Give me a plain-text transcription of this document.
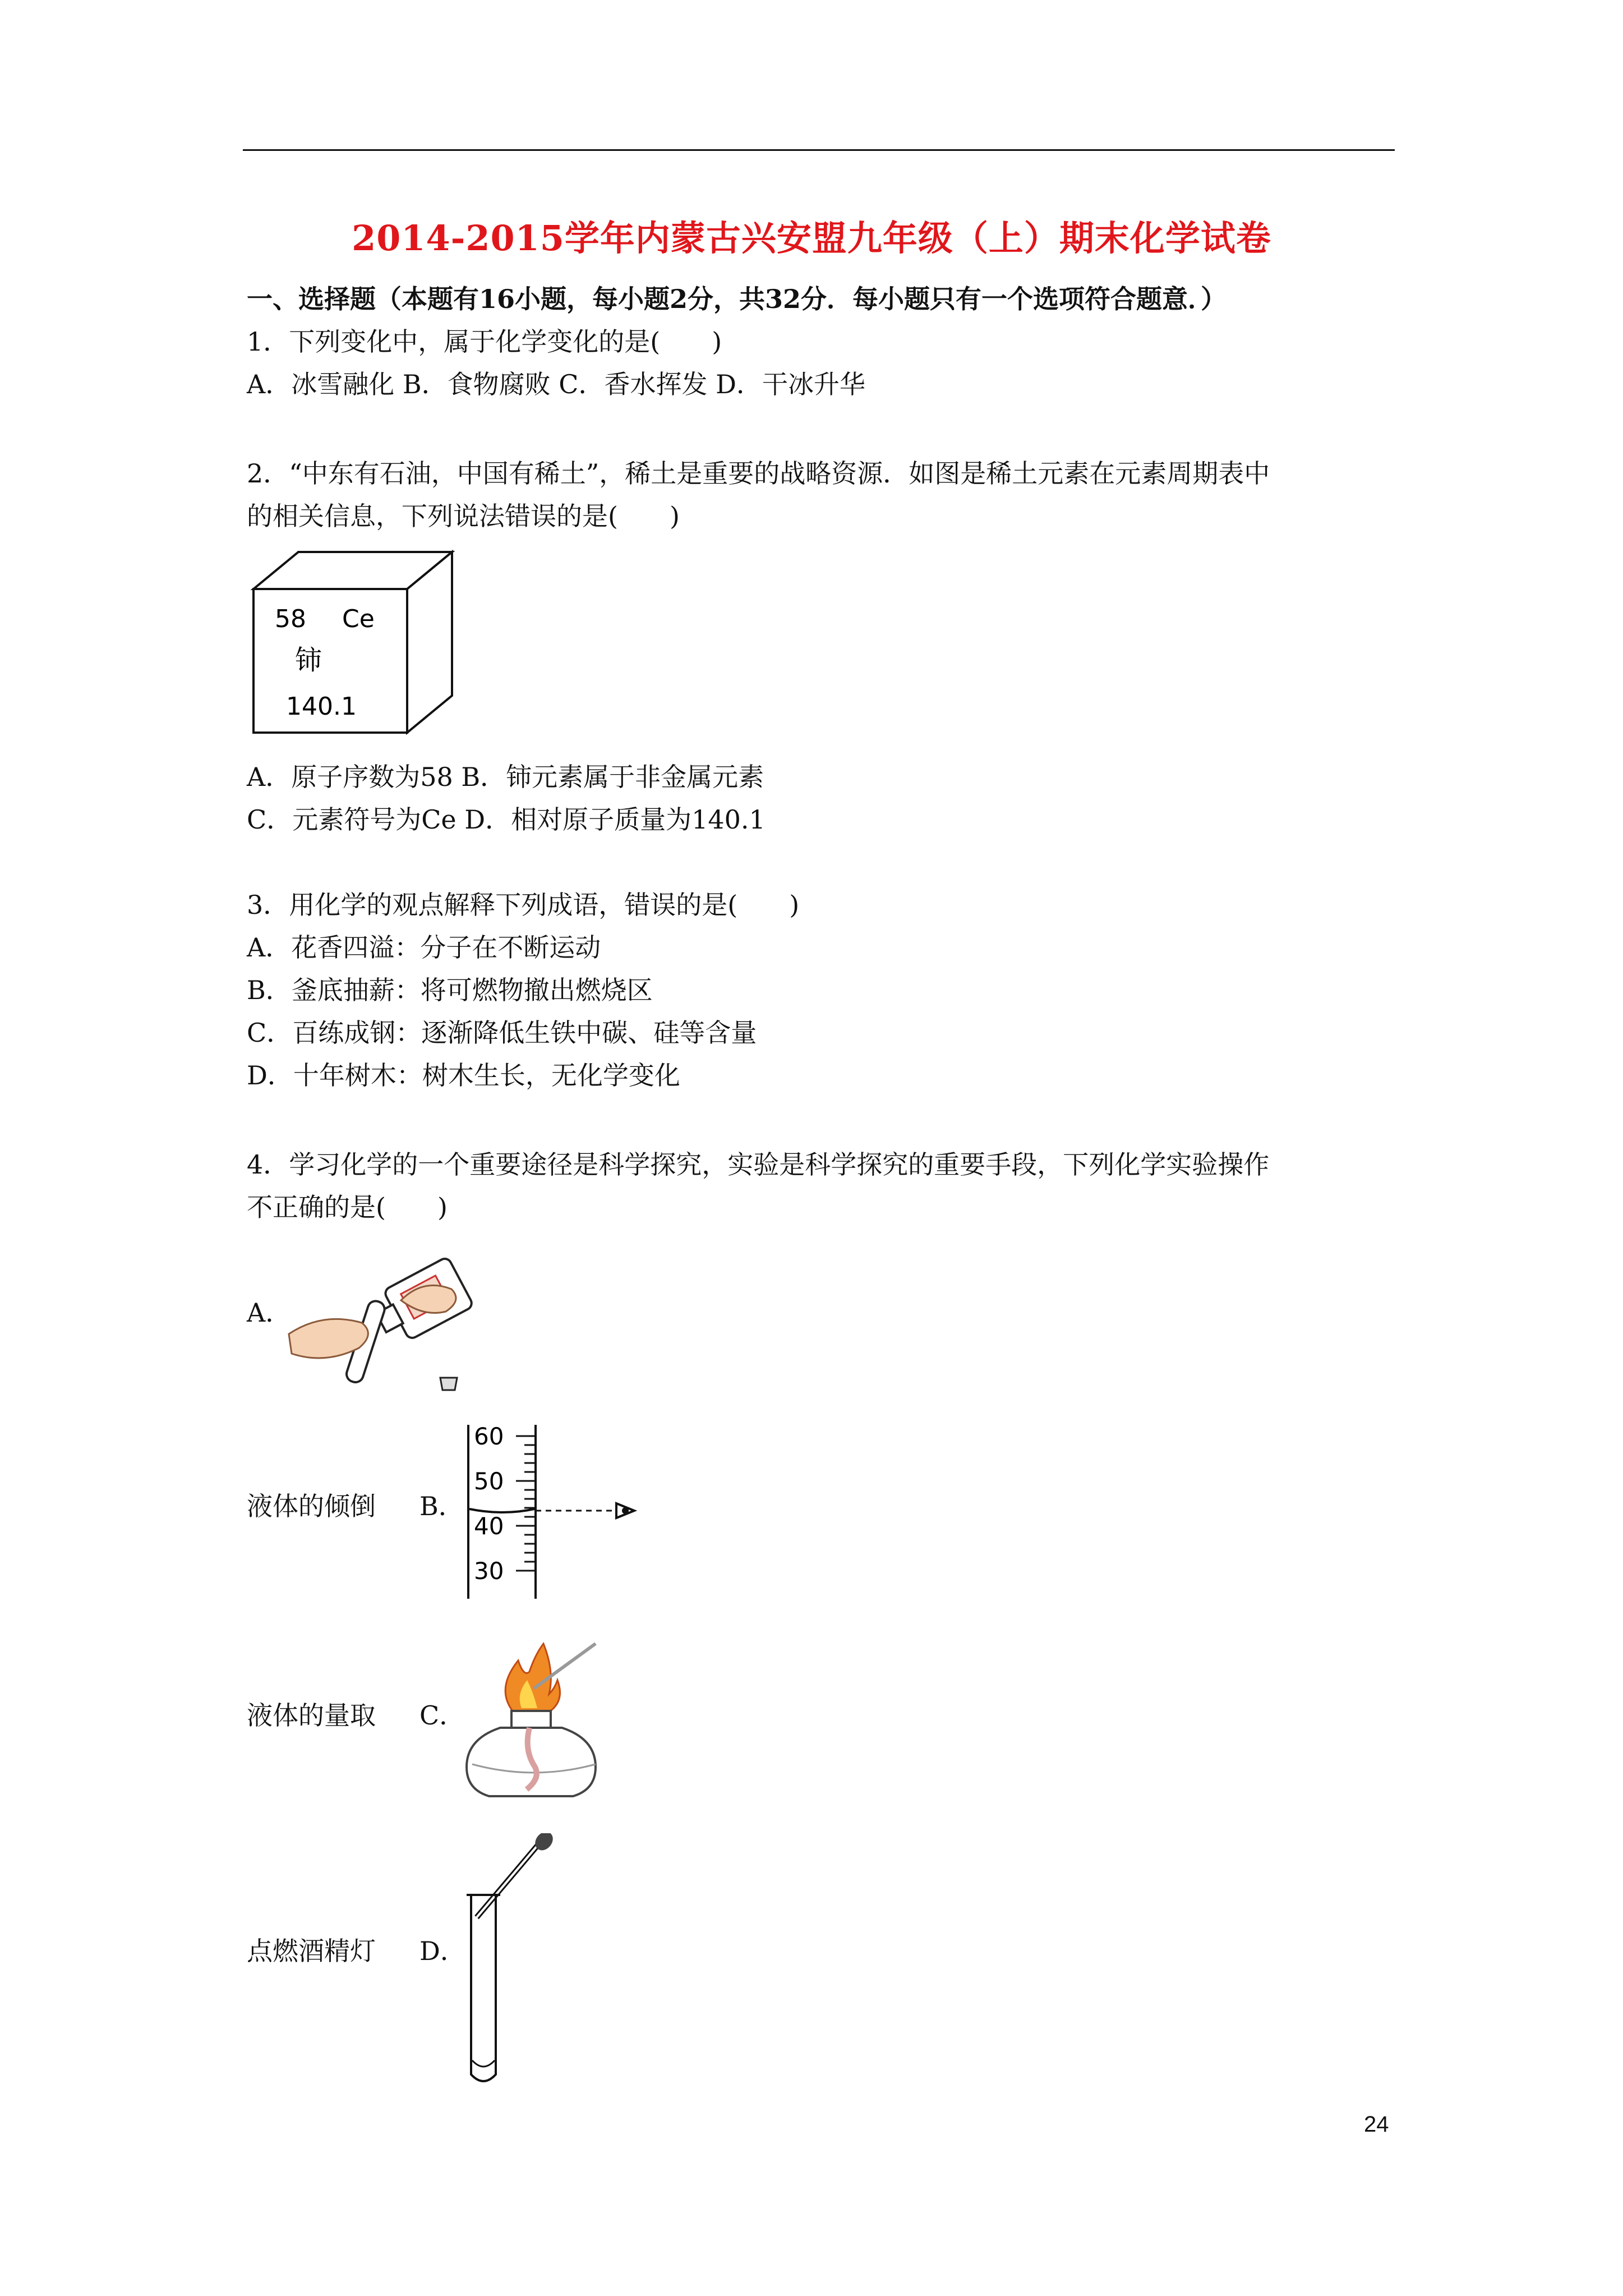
2014-2015学年内蒙古兴安盟九年级（上）期末化学试卷
一、选择题（本题有16小题，每小题2分，共32分．每小题只有一个选项符合题意．）
1．下列变化中，属于化学变化的是(　　)
A．冰雪融化 B．食物腐败 C．香水挥发 D．干冰升华
2．“中东有石油，中国有稀土”，稀土是重要的战略资源．如图是稀土元素在元素周期表中
的相关信息，下列说法错误的是(　　)
58 Ce
铈
140.1
A．原子序数为58 B．铈元素属于非金属元素
C．元素符号为Ce D．相对原子质量为140.1
3．用化学的观点解释下列成语，错误的是(　　)
A．花香四溢：分子在不断运动
B．釜底抽薪：将可燃物撤出燃烧区
C．百练成钢：逐渐降低生铁中碳、硅等含量
D．十年树木：树木生长，无化学变化
4．学习化学的一个重要途径是科学探究，实验是科学探究的重要手段，下列化学实验操作
不正确的是(　　)
A．
液体的倾倒 B．
60
50
40
30
液体的量取 C．
点燃酒精灯 D．
24
